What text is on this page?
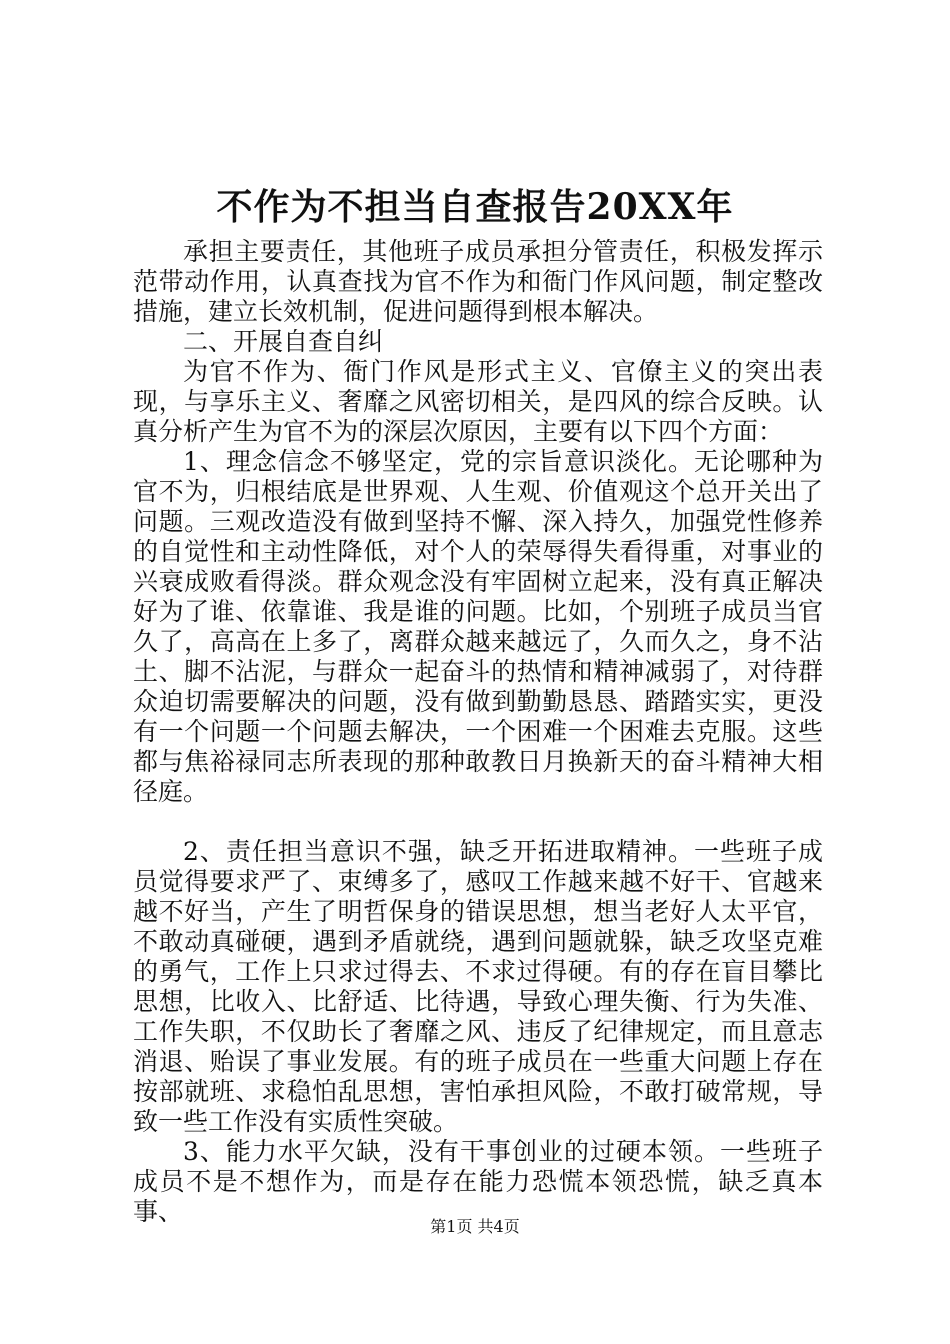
不作为不担当自查报告20XX年

承担主要责任，其他班子成员承担分管责任，积极发挥示范带动作用，认真查找为官不作为和衙门作风问题，制定整改措施，建立长效机制，促进问题得到根本解决。

二、开展自查自纠

为官不作为、衙门作风是形式主义、官僚主义的突出表现，与享乐主义、奢靡之风密切相关，是四风的综合反映。认真分析产生为官不为的深层次原因，主要有以下四个方面：

1、理念信念不够坚定，党的宗旨意识淡化。无论哪种为官不为，归根结底是世界观、人生观、价值观这个总开关出了问题。三观改造没有做到坚持不懈、深入持久，加强党性修养的自觉性和主动性降低，对个人的荣辱得失看得重，对事业的兴衰成败看得淡。群众观念没有牢固树立起来，没有真正解决好为了谁、依靠谁、我是谁的问题。比如，个别班子成员当官久了，高高在上多了，离群众越来越远了，久而久之，身不沾土、脚不沾泥，与群众一起奋斗的热情和精神减弱了，对待群众迫切需要解决的问题，没有做到勤勤恳恳、踏踏实实，更没有一个问题一个问题去解决，一个困难一个困难去克服。这些都与焦裕禄同志所表现的那种敢教日月换新天的奋斗精神大相径庭。

2、责任担当意识不强，缺乏开拓进取精神。一些班子成员觉得要求严了、束缚多了，感叹工作越来越不好干、官越来越不好当，产生了明哲保身的错误思想，想当老好人太平官，不敢动真碰硬，遇到矛盾就绕，遇到问题就躲，缺乏攻坚克难的勇气，工作上只求过得去、不求过得硬。有的存在盲目攀比思想，比收入、比舒适、比待遇，导致心理失衡、行为失准、工作失职，不仅助长了奢靡之风、违反了纪律规定，而且意志消退、贻误了事业发展。有的班子成员在一些重大问题上存在按部就班、求稳怕乱思想，害怕承担风险，不敢打破常规，导致一些工作没有实质性突破。

3、能力水平欠缺，没有干事创业的过硬本领。一些班子成员不是不想作为，而是存在能力恐慌本领恐慌，缺乏真本事、

第1页 共4页
